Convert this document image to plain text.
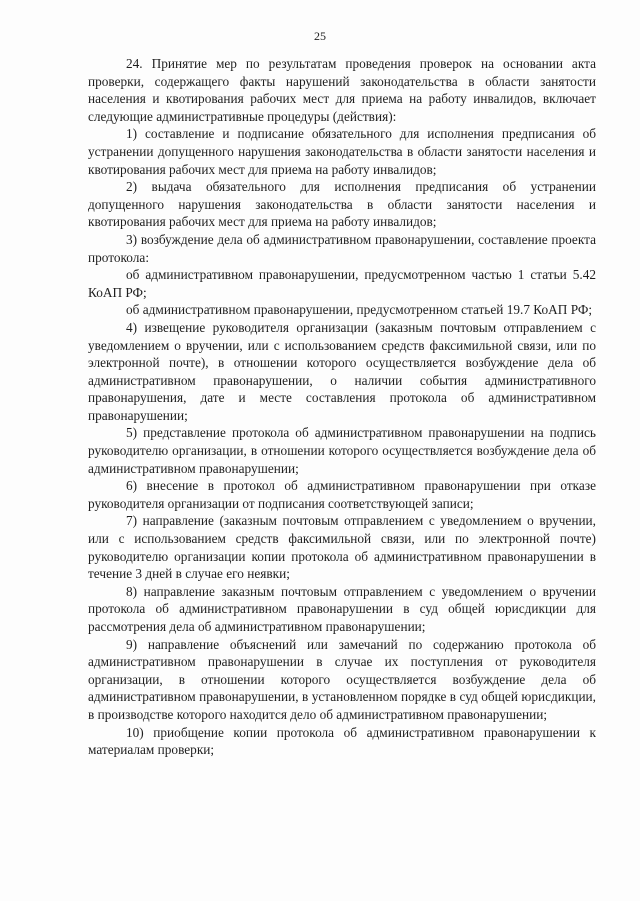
25

24. Принятие мер по результатам проведения проверок на основании акта проверки, содержащего факты нарушений законодательства в области занятости населения и квотирования рабочих мест для приема на работу инвалидов, включает следующие административные процедуры (действия):

1) составление и подписание обязательного для исполнения предписания об устранении допущенного нарушения законодательства в области занятости населения и квотирования рабочих мест для приема на работу инвалидов;

2) выдача обязательного для исполнения предписания об устранении допущенного нарушения законодательства в области занятости населения и квотирования рабочих мест для приема на работу инвалидов;

3) возбуждение дела об административном правонарушении, составление проекта протокола:

об административном правонарушении, предусмотренном частью 1 статьи 5.42 КоАП РФ;

об административном правонарушении, предусмотренном статьей 19.7 КоАП РФ;

4) извещение руководителя организации (заказным почтовым отправлением с уведомлением о вручении, или с использованием средств факсимильной связи, или по электронной почте), в отношении которого осуществляется возбуждение дела об административном правонарушении, о наличии события административного правонарушения, дате и месте составления протокола об административном правонарушении;

5) представление протокола об административном правонарушении на подпись руководителю организации, в отношении которого осуществляется возбуждение дела об административном правонарушении;

6) внесение в протокол об административном правонарушении при отказе руководителя организации от подписания соответствующей записи;

7) направление (заказным почтовым отправлением с уведомлением о вручении, или с использованием средств факсимильной связи, или по электронной почте) руководителю организации копии протокола об административном правонарушении в течение 3 дней в случае его неявки;

8) направление заказным почтовым отправлением с уведомлением о вручении протокола об административном правонарушении в суд общей юрисдикции для рассмотрения дела об административном правонарушении;

9) направление объяснений или замечаний по содержанию протокола об административном правонарушении в случае их поступления от руководителя организации, в отношении которого осуществляется возбуждение дела об административном правонарушении, в установленном порядке в суд общей юрисдикции, в производстве которого находится дело об административном правонарушении;

10) приобщение копии протокола об административном правонарушении к материалам проверки;
